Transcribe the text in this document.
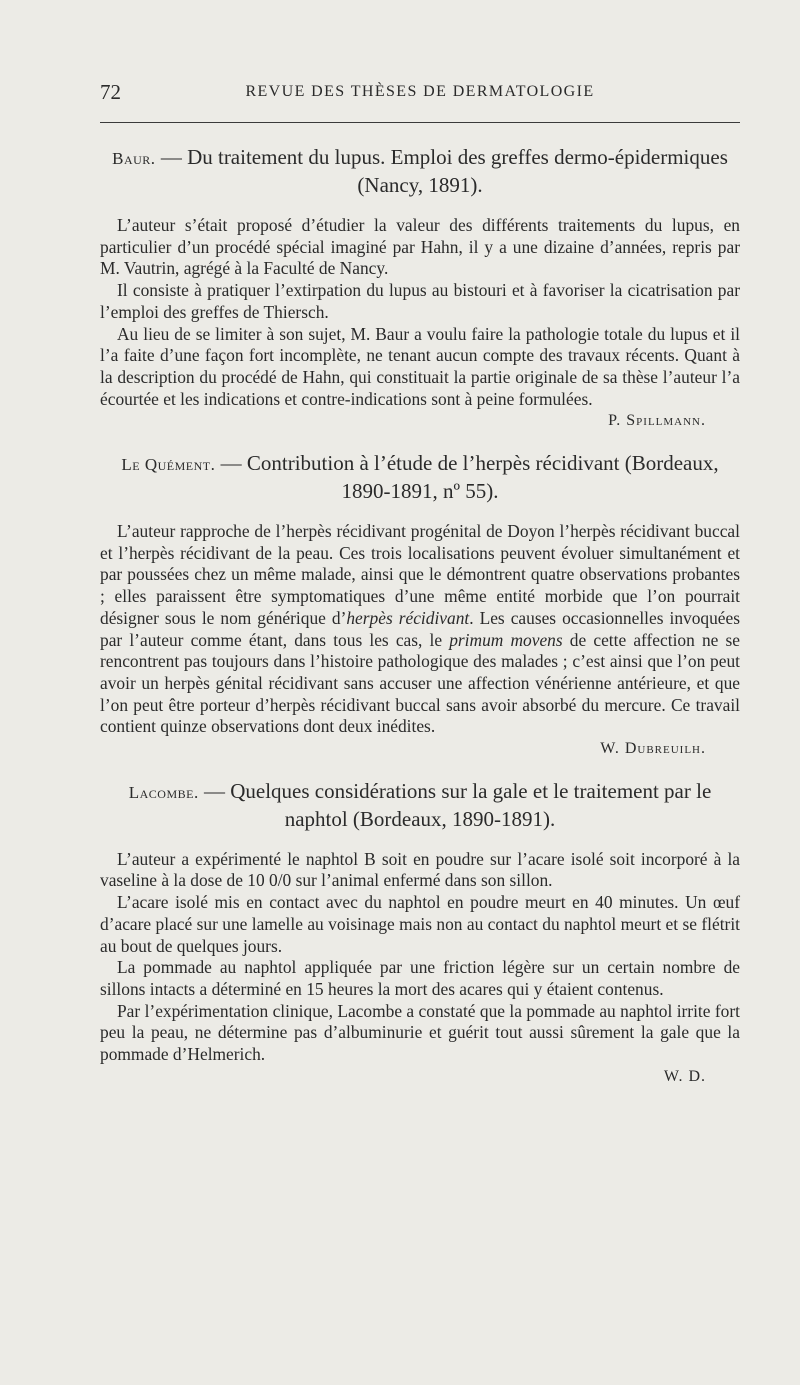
72	REVUE DES THÈSES DE DERMATOLOGIE
Baur. — Du traitement du lupus. Emploi des greffes dermo-épidermiques (Nancy, 1891).

L’auteur s’était proposé d’étudier la valeur des différents traitements du lupus, en particulier d’un procédé spécial imaginé par Hahn, il y a une dizaine d’années, repris par M. Vautrin, agrégé à la Faculté de Nancy.

Il consiste à pratiquer l’extirpation du lupus au bistouri et à favoriser la cicatrisation par l’emploi des greffes de Thiersch.

Au lieu de se limiter à son sujet, M. Baur a voulu faire la pathologie totale du lupus et il l’a faite d’une façon fort incomplète, ne tenant aucun compte des travaux récents. Quant à la description du procédé de Hahn, qui constituait la partie originale de sa thèse l’auteur l’a écourtée et les indications et contre-indications sont à peine formulées.

P. Spillmann.
Le Quément. — Contribution à l’étude de l’herpès récidivant (Bordeaux, 1890-1891, nº 55).

L’auteur rapproche de l’herpès récidivant progénital de Doyon l’herpès récidivant buccal et l’herpès récidivant de la peau. Ces trois localisations peuvent évoluer simultanément et par poussées chez un même malade, ainsi que le démontrent quatre observations probantes ; elles paraissent être symptomatiques d’une même entité morbide que l’on pourrait désigner sous le nom générique d’herpès récidivant. Les causes occasionnelles invoquées par l’auteur comme étant, dans tous les cas, le primum movens de cette affection ne se rencontrent pas toujours dans l’histoire pathologique des malades ; c’est ainsi que l’on peut avoir un herpès génital récidivant sans accuser une affection vénérienne antérieure, et que l’on peut être porteur d’herpès récidivant buccal sans avoir absorbé du mercure. Ce travail contient quinze observations dont deux inédites.

W. Dubreuilh.
Lacombe. — Quelques considérations sur la gale et le traitement par le naphtol (Bordeaux, 1890-1891).

L’auteur a expérimenté le naphtol B soit en poudre sur l’acare isolé soit incorporé à la vaseline à la dose de 10 0/0 sur l’animal enfermé dans son sillon.

L’acare isolé mis en contact avec du naphtol en poudre meurt en 40 minutes. Un œuf d’acare placé sur une lamelle au voisinage mais non au contact du naphtol meurt et se flétrit au bout de quelques jours.

La pommade au naphtol appliquée par une friction légère sur un certain nombre de sillons intacts a déterminé en 15 heures la mort des acares qui y étaient contenus.

Par l’expérimentation clinique, Lacombe a constaté que la pommade au naphtol irrite fort peu la peau, ne détermine pas d’albuminurie et guérit tout aussi sûrement la gale que la pommade d’Helmerich.

W. D.
